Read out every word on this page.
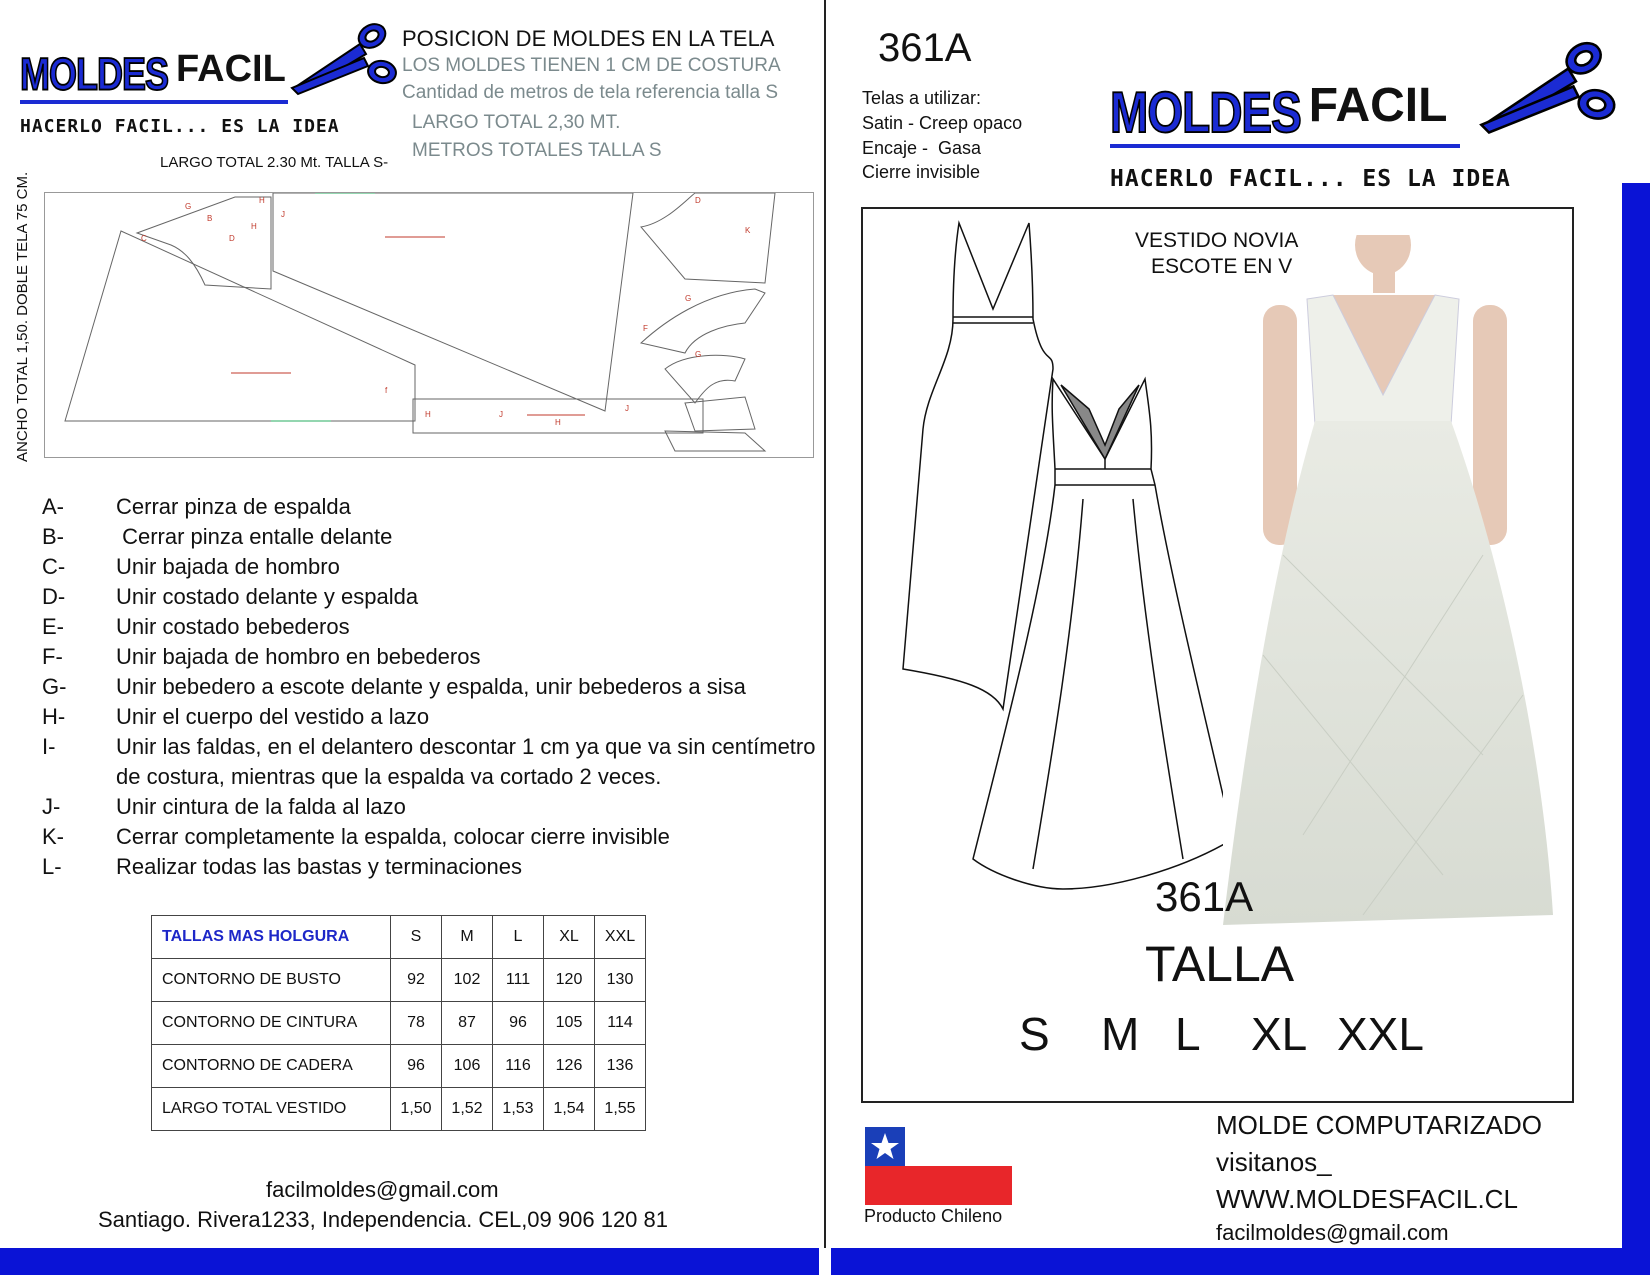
MOLDES FACIL
HACERLO FACIL... ES LA IDEA
POSICION DE MOLDES EN LA TELA
LOS MOLDES TIENEN 1 CM DE COSTURA
Cantidad de metros de tela referencia talla S
LARGO TOTAL 2,30 MT.
METROS TOTALES TALLA S
LARGO TOTAL 2.30 Mt. TALLA S-
ANCHO TOTAL 1,50. DOBLE TELA 75 CM.	G
B
H
C	D
H
J
D
K
G
F
G
H	J
H
J
f
A-	Cerrar pinza de espalda
B-	Cerrar pinza entalle delante
C-	Unir bajada de hombro
D-	Unir costado delante y espalda
E-	Unir costado bebederos
F-	Unir bajada de hombro en bebederos
G-	Unir bebedero a escote delante y espalda, unir bebederos a sisa
H-	Unir el cuerpo del vestido a lazo
I-	Unir las faldas, en el delantero descontar 1 cm ya que va sin centímetro de costura, mientras que la espalda va cortado 2 veces.
J-	Unir cintura de la falda al lazo
K-	Cerrar completamente la espalda, colocar cierre invisible
L-	Realizar todas las bastas y terminaciones
TALLAS MAS HOLGURA	S	M	L	XL	XXL
CONTORNO DE BUSTO	92	102	111	120	130
CONTORNO DE CINTURA	78	87	96	105	114
CONTORNO DE CADERA	96	106	116	126	136
LARGO TOTAL VESTIDO	1,50	1,52	1,53	1,54	1,55
facilmoldes@gmail.com
Santiago. Rivera1233, Independencia. CEL,09 906 120 81
361A
Telas a utilizar:
Satin - Creep opaco
Encaje -  Gasa
Cierre invisible
MOLDES FACIL
HACERLO FACIL... ES LA IDEA
VESTIDO NOVIA
ESCOTE EN V
361A
TALLA
S	M L	XL XXL
Producto Chileno
MOLDE COMPUTARIZADO
visitanos_
WWW.MOLDESFACIL.CL
facilmoldes@gmail.com
